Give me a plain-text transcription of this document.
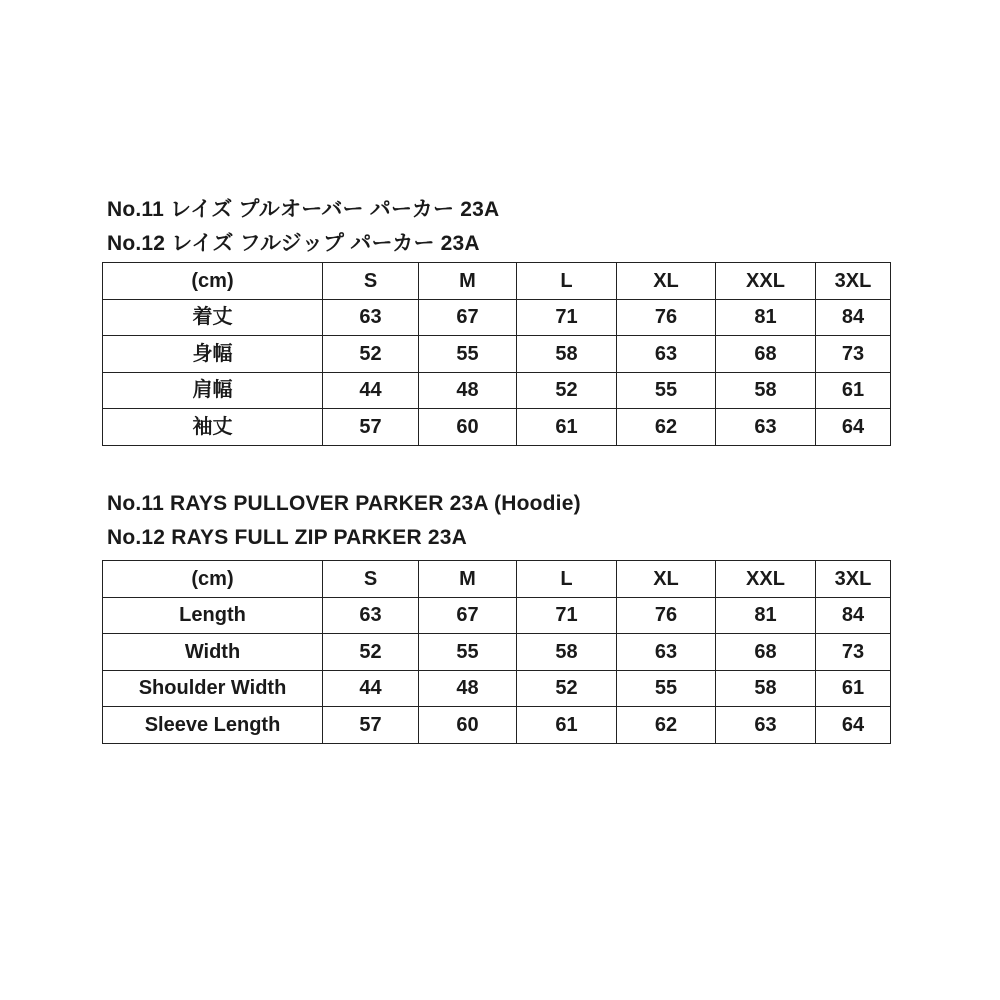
No.11 レイズ プルオーバー パーカー 23A
No.12 レイズ フルジップ パーカー 23A
(cm)	S	M	L	XL	XXL	3XL
着丈	63	67	71	76	81	84
身幅	52	55	58	63	68	73
肩幅	44	48	52	55	58	61
袖丈	57	60	61	62	63	64
No.11 RAYS PULLOVER PARKER 23A (Hoodie)
No.12 RAYS FULL ZIP PARKER 23A
(cm)	S	M	L	XL	XXL	3XL
Length	63	67	71	76	81	84
Width	52	55	58	63	68	73
Shoulder Width	44	48	52	55	58	61
Sleeve Length	57	60	61	62	63	64
